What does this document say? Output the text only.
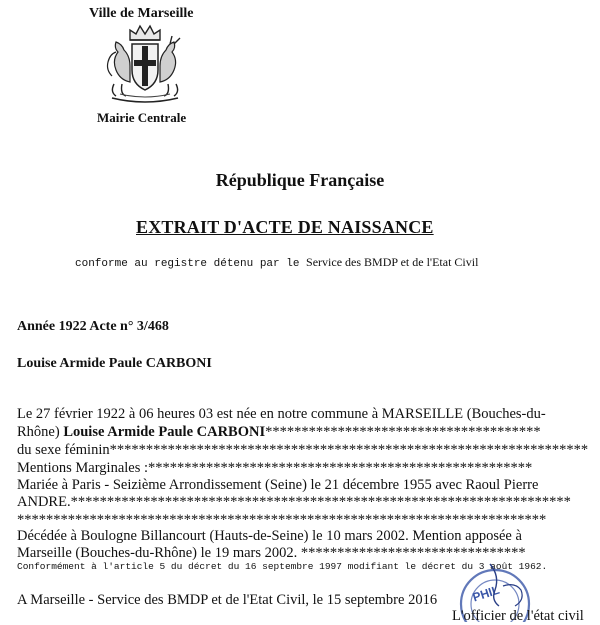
Ville de Marseille
Mairie Centrale
République Française
EXTRAIT D'ACTE DE NAISSANCE
conforme au registre détenu par le Service des BMDP et de l'Etat Civil
Année 1922 Acte n° 3/468
Louise Armide Paule CARBONI
Le 27 février 1922 à 06 heures 03 est née en notre commune à MARSEILLE (Bouches-du-
Rhône) Louise Armide Paule CARBONI**************************************
du sexe féminin******************************************************************
Mentions Marginales :*****************************************************
Mariée à Paris - Seizième Arrondissement (Seine) le 21 décembre 1955 avec Raoul Pierre
ANDRE.*********************************************************************
*************************************************************************
Décédée à Boulogne Billancourt (Hauts-de-Seine) le 10 mars 2002. Mention apposée à
Marseille (Bouches-du-Rhône) le 19 mars 2002. *******************************
Conformément à l'article 5 du décret du 16 septembre 1997 modifiant le décret du 3 août 1962.
A Marseille - Service des BMDP et de l'Etat Civil, le 15 septembre 2016	PHIL
L'officier de l'état civil
